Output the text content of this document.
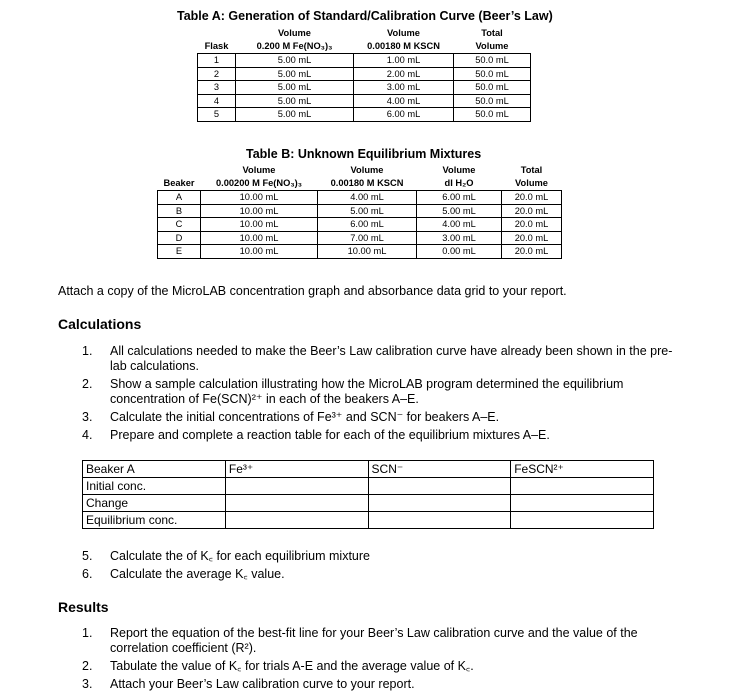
Table A: Generation of Standard/Calibration Curve (Beer’s Law)
	Volume	Volume	Total
Flask	0.200 M Fe(NO₃)₃	0.00180 M KSCN	Volume
1	5.00 mL	1.00 mL	50.0 mL
2	5.00 mL	2.00 mL	50.0 mL
3	5.00 mL	3.00 mL	50.0 mL
4	5.00 mL	4.00 mL	50.0 mL
5	5.00 mL	6.00 mL	50.0 mL
Table B: Unknown Equilibrium Mixtures
	Volume	Volume	Volume	Total
Beaker	0.00200 M Fe(NO₃)₃	0.00180 M KSCN	dI H₂O	Volume
A	10.00 mL	4.00 mL	6.00 mL	20.0 mL
B	10.00 mL	5.00 mL	5.00 mL	20.0 mL
C	10.00 mL	6.00 mL	4.00 mL	20.0 mL
D	10.00 mL	7.00 mL	3.00 mL	20.0 mL
E	10.00 mL	10.00 mL	0.00 mL	20.0 mL
Attach a copy of the MicroLAB concentration graph and absorbance data grid to your report.
Calculations
1. All calculations needed to make the Beer’s Law calibration curve have already been shown in the pre-lab calculations.
2. Show a sample calculation illustrating how the MicroLAB program determined the equilibrium concentration of Fe(SCN)²⁺ in each of the beakers A–E.
3. Calculate the initial concentrations of Fe³⁺ and SCN⁻ for beakers A–E.
4. Prepare and complete a reaction table for each of the equilibrium mixtures A–E.
Beaker A	Fe³⁺	SCN⁻	FeSCN²⁺
Initial conc.			
Change			
Equilibrium conc.			
5. Calculate the of K꜀ for each equilibrium mixture
6. Calculate the average K꜀ value.
Results
1. Report the equation of the best-fit line for your Beer’s Law calibration curve and the value of the correlation coefficient (R²).
2. Tabulate the value of K꜀ for trials A-E and the average value of K꜀.
3. Attach your Beer’s Law calibration curve to your report.
